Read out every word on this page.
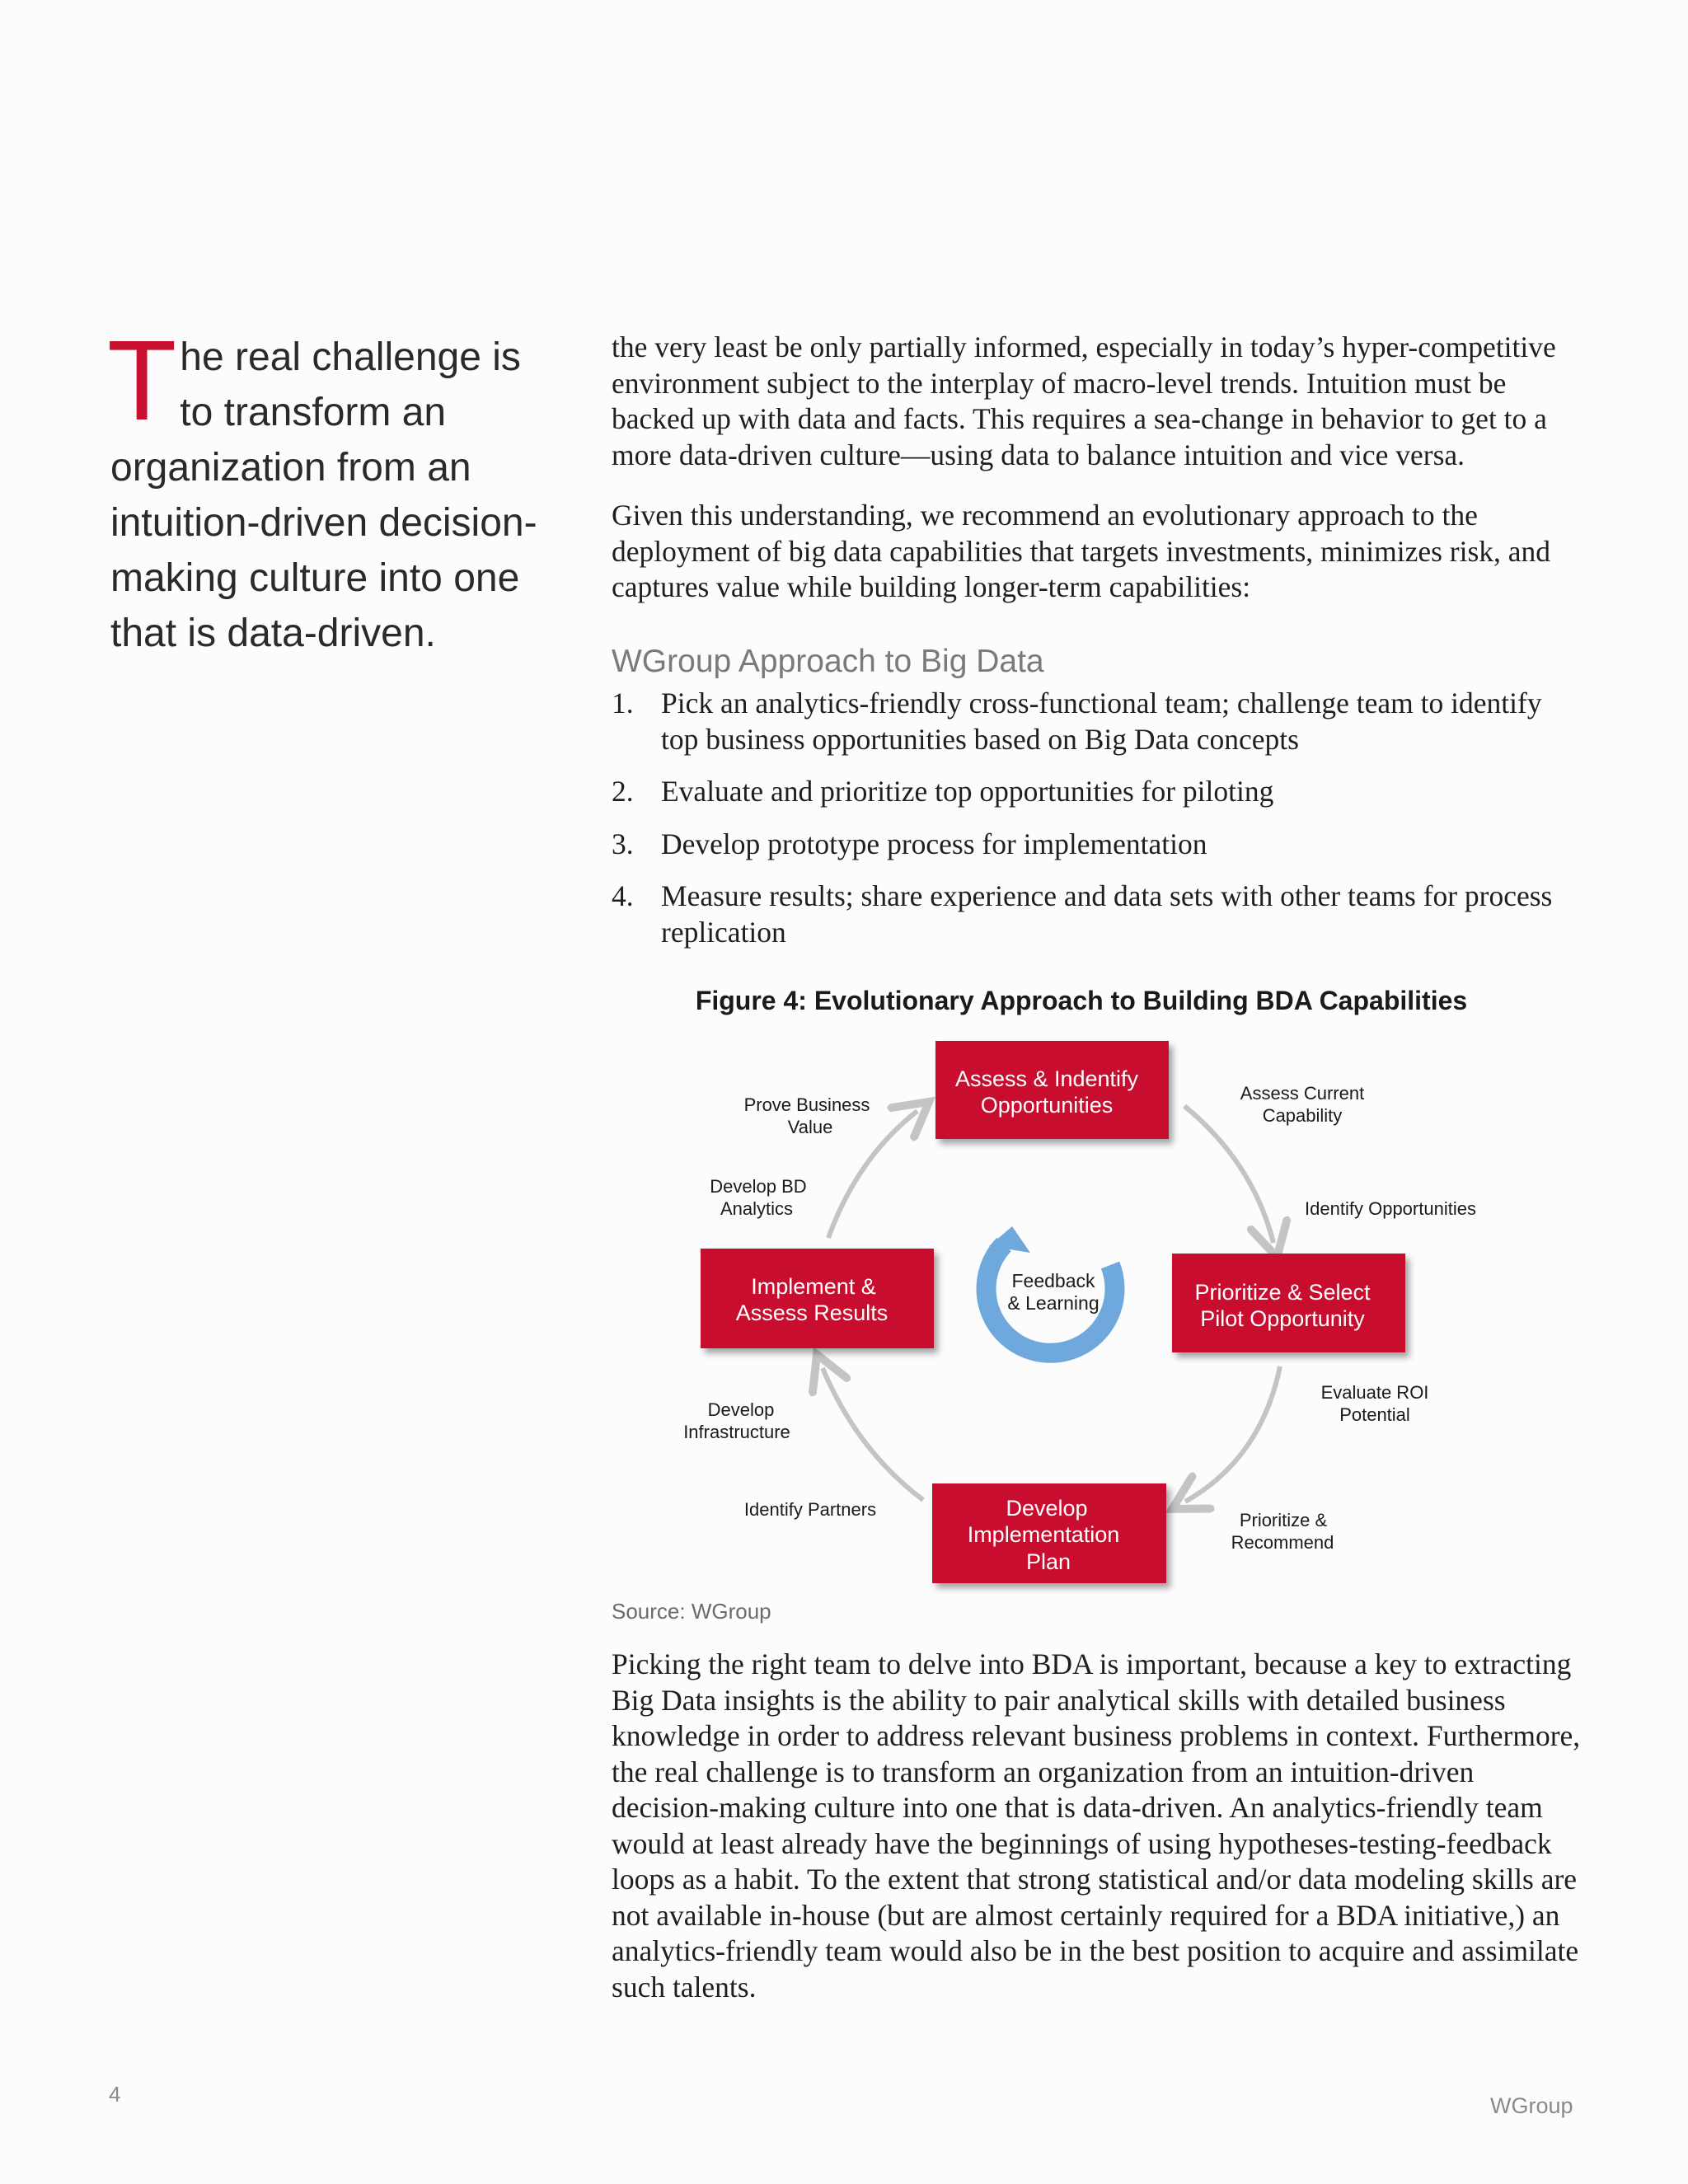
T he real challenge is to transform an organization from an intuition-driven decision-making culture into one that is data-driven.

the very least be only partially informed, especially in today’s hyper-competitive environment subject to the interplay of macro-level trends. Intuition must be backed up with data and facts. This requires a sea-change in behavior to get to a more data-driven culture—using data to balance intuition and vice versa.

Given this understanding, we recommend an evolutionary approach to the deployment of big data capabilities that targets investments, minimizes risk, and captures value while building longer-term capabilities:

WGroup Approach to Big Data
1. Pick an analytics-friendly cross-functional team; challenge team to identify top business opportunities based on Big Data concepts
2. Evaluate and prioritize top opportunities for piloting
3. Develop prototype process for implementation
4. Measure results; share experience and data sets with other teams for process replication
Figure 4: Evolutionary Approach to Building BDA Capabilities
Feedback
& Learning
Assess & Indentify
Opportunities
Prioritize & Select
Pilot Opportunity
Develop
Implementation
Plan
Implement &
Assess Results
Prove Business
Value
Develop BD
Analytics
Assess Current
Capability
Identify Opportunities
Evaluate ROI
Potential
Prioritize &
Recommend
Identify Partners
Develop
Infrastructure
Source: WGroup

Picking the right team to delve into BDA is important, because a key to extracting Big Data insights is the ability to pair analytical skills with detailed business knowledge in order to address relevant business problems in context. Furthermore, the real challenge is to transform an organization from an intuition-driven decision-making culture into one that is data-driven. An analytics-friendly team would at least already have the beginnings of using hypotheses-testing-feedback loops as a habit. To the extent that strong statistical and/or data modeling skills are not available in-house (but are almost certainly required for a BDA initiative,) an analytics-friendly team would also be in the best position to acquire and assimilate such talents.

4	WGroup
